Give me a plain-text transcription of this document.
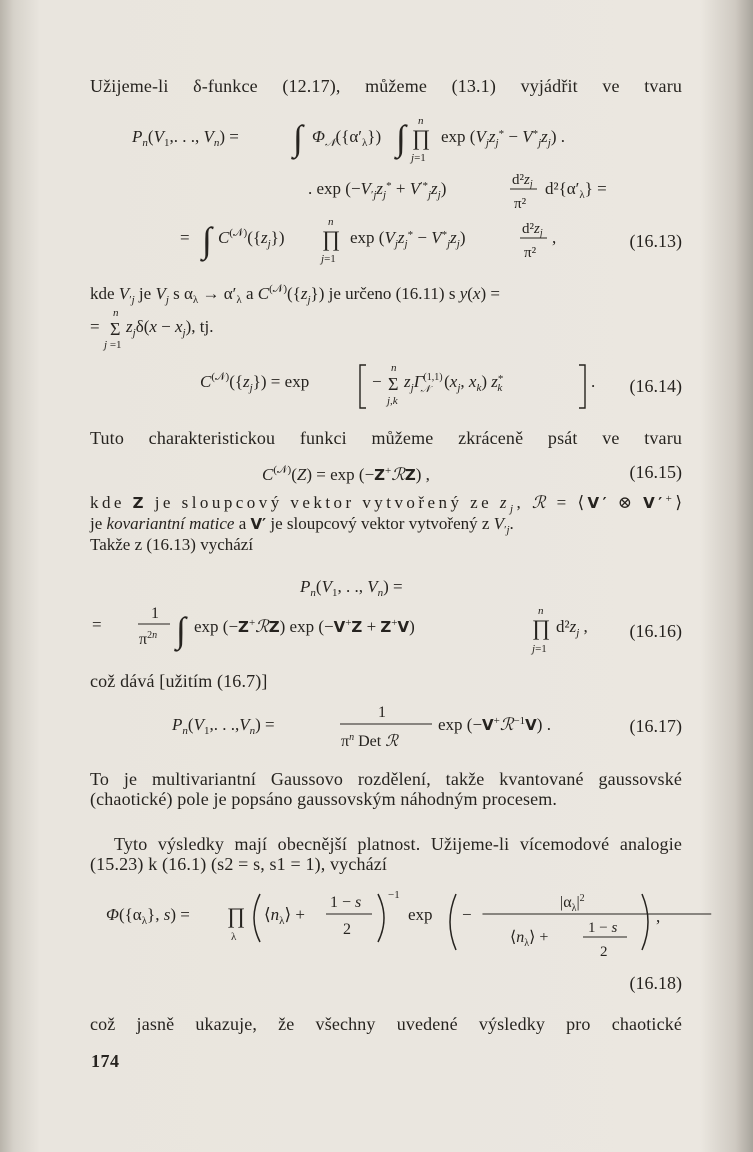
Užijeme-li δ-funkce (12.17), můžeme (13.1) vyjádřit ve tvaru

$P_n(V_1$,. . ., $V_n$) = ∫ $\Phi_𝒩(\{\alpha'_\lambda\})$ ∫ ∏
n
j=1
$\exp (V_jz_j^* - V^*_jz_j)$ .
. $\exp (-V'jz_j^* + V^{'*}_jz_j)$	$d^2z_j$
π²
$d^2\{\alpha'_\lambda\}$ =
= ∫ $C^{(𝒩)}(\{z_j\})$ ∏
n
j=1
$\exp (V_jz_j^* - V^*_jz_j)$	$d^2z_j$
π²
,	(16.13)
kde $V'j$ je $V_j$ s $\alpha_\lambda \to \alpha'_\lambda$ a $C^{(𝒩)}(\{z_j\})$ je určeno (16.11) s y(x) =
= Σ
n
j =1
$z_j\delta(x - x_j)$, tj.
$C^{(𝒩)}(\{z_j\}) = \exp$	− Σ
n
j,k
$z_j\Gamma^{(1,1)}$ 𝒩 ($x_j$, $x_k$) z* k	. (16.14)

Tuto charakteristickou funkci můžeme zkráceně psát ve tvaru

$C^{(𝒩)}(Z) = \exp$ (−Z+ℛZ) ,	(16.15)
kde Z je sloupcový vektor vytvořený ze z $_j$ , ℛ = ⟨ V′ ⊗ V′ + ⟩
je kovariantní matice a V′ je sloupcový vektor vytvořený z $V'j$.
Takže z (16.13) vychází
$P_n(V_1$, . ., $V_n$) =
=
1
$\pi^{2n}$ ∫ exp (−Z+ℛZ) exp (−V+Z + Z+V)	∏
n
j=1
$d^2z_j$ , (16.16)

což dává [užitím (16.7)]

$P_n(V_1$,. . $.,V_n$) =
1
$\pi^n$ Det ℛ
exp (−V+ℛ$^{-1}$V) .	(16.17)

To je multivariantní Gaussovo rozdělení, takže kvantované gaussovské (chaotické) pole je popsáno gaussovským náhodným procesem.

Tyto výsledky mají obecnější platnost. Užijeme-li vícemodové analogie (15.23) k (16.1) (s2 = s, s1 = 1), vychází

$\Phi(\{\alpha_\lambda\}$, s) = ∏
λ
$⟨n_\lambda⟩$ +
1 − s
2
−1
exp −
$|\alpha_\lambda|^2$
$⟨n_\lambda⟩$ +
1 − s
2
,
(16.18)

což jasně ukazuje, že všechny uvedené výsledky pro chaotické

174
